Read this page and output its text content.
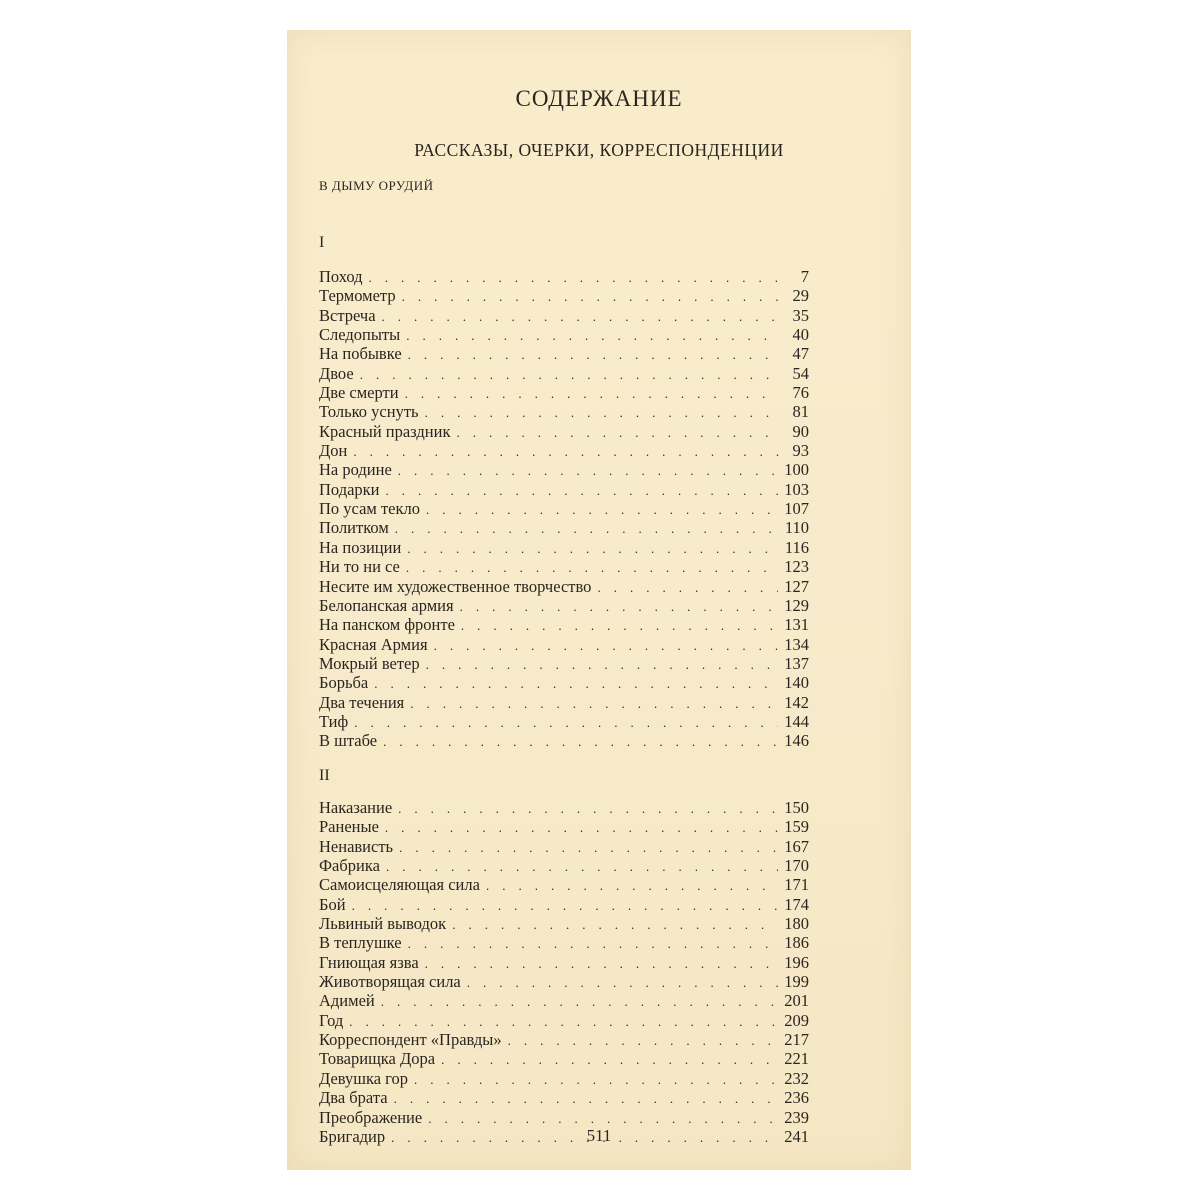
СОДЕРЖАНИЕ
РАССКАЗЫ, ОЧЕРКИ, КОРРЕСПОНДЕНЦИИ
В ДЫМУ ОРУДИЙ
I
Поход .....	7
Термометр .....	29
Встреча .....	35
Следопыты .....	40
На побывке .....	47
Двое .....	54
Две смерти .....	76
Только уснуть .....	81
Красный праздник .....	90
Дон .....	93
На родине .....	100
Подарки .....	103
По усам текло .....	107
Политком .....	110
На позиции .....	116
Ни то ни се .....	123
Несите им художественное творчество .....	127
Белопанская армия .....	129
На панском фронте .....	131
Красная Армия .....	134
Мокрый ветер .....	137
Борьба .....	140
Два течения .....	142
Тиф .....	144
В штабе .....	146
II
Наказание .....	150
Раненые .....	159
Ненависть .....	167
Фабрика .....	170
Самоисцеляющая сила .....	171
Бой .....	174
Львиный выводок .....	180
В теплушке .....	186
Гниющая язва .....	196
Животворящая сила .....	199
Адимей .....	201
Год .....	209
Корреспондент «Правды» .....	217
Товарищка Дора .....	221
Девушка гор .....	232
Два брата .....	236
Преображение .....	239
Бригадир .....	241
511
